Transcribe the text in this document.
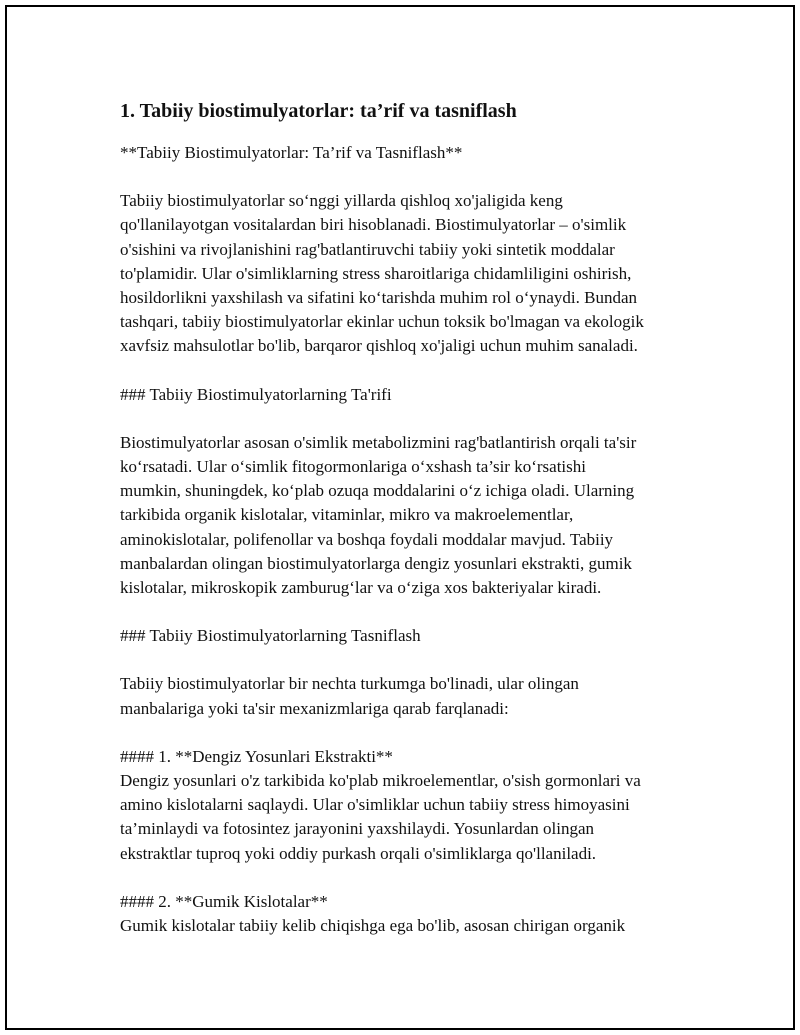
1. Tabiiy biostimulyatorlar: ta’rif va tasniflash
**Tabiiy Biostimulyatorlar: Ta’rif va Tasniflash**
Tabiiy biostimulyatorlar so‘nggi yillarda qishloq xo'jaligida keng
qo'llanilayotgan vositalardan biri hisoblanadi. Biostimulyatorlar – o'simlik
o'sishini va rivojlanishini rag'batlantiruvchi tabiiy yoki sintetik moddalar
to'plamidir. Ular o'simliklarning stress sharoitlariga chidamliligini oshirish,
hosildorlikni yaxshilash va sifatini ko‘tarishda muhim rol o‘ynaydi. Bundan
tashqari, tabiiy biostimulyatorlar ekinlar uchun toksik bo'lmagan va ekologik
xavfsiz mahsulotlar bo'lib, barqaror qishloq xo'jaligi uchun muhim sanaladi.
### Tabiiy Biostimulyatorlarning Ta'rifi
Biostimulyatorlar asosan o'simlik metabolizmini rag'batlantirish orqali ta'sir
ko‘rsatadi. Ular o‘simlik fitogormonlariga o‘xshash ta’sir ko‘rsatishi
mumkin, shuningdek, ko‘plab ozuqa moddalarini o‘z ichiga oladi. Ularning
tarkibida organik kislotalar, vitaminlar, mikro va makroelementlar,
aminokislotalar, polifenollar va boshqa foydali moddalar mavjud. Tabiiy
manbalardan olingan biostimulyatorlarga dengiz yosunlari ekstrakti, gumik
kislotalar, mikroskopik zamburug‘lar va o‘ziga xos bakteriyalar kiradi.
### Tabiiy Biostimulyatorlarning Tasniflash
Tabiiy biostimulyatorlar bir nechta turkumga bo'linadi, ular olingan
manbalariga yoki ta'sir mexanizmlariga qarab farqlanadi:
#### 1. **Dengiz Yosunlari Ekstrakti**
Dengiz yosunlari o'z tarkibida ko'plab mikroelementlar, o'sish gormonlari va
amino kislotalarni saqlaydi. Ular o'simliklar uchun tabiiy stress himoyasini
ta’minlaydi va fotosintez jarayonini yaxshilaydi. Yosunlardan olingan
ekstraktlar tuproq yoki oddiy purkash orqali o'simliklarga qo'llaniladi.
#### 2. **Gumik Kislotalar**
Gumik kislotalar tabiiy kelib chiqishga ega bo'lib, asosan chirigan organik
